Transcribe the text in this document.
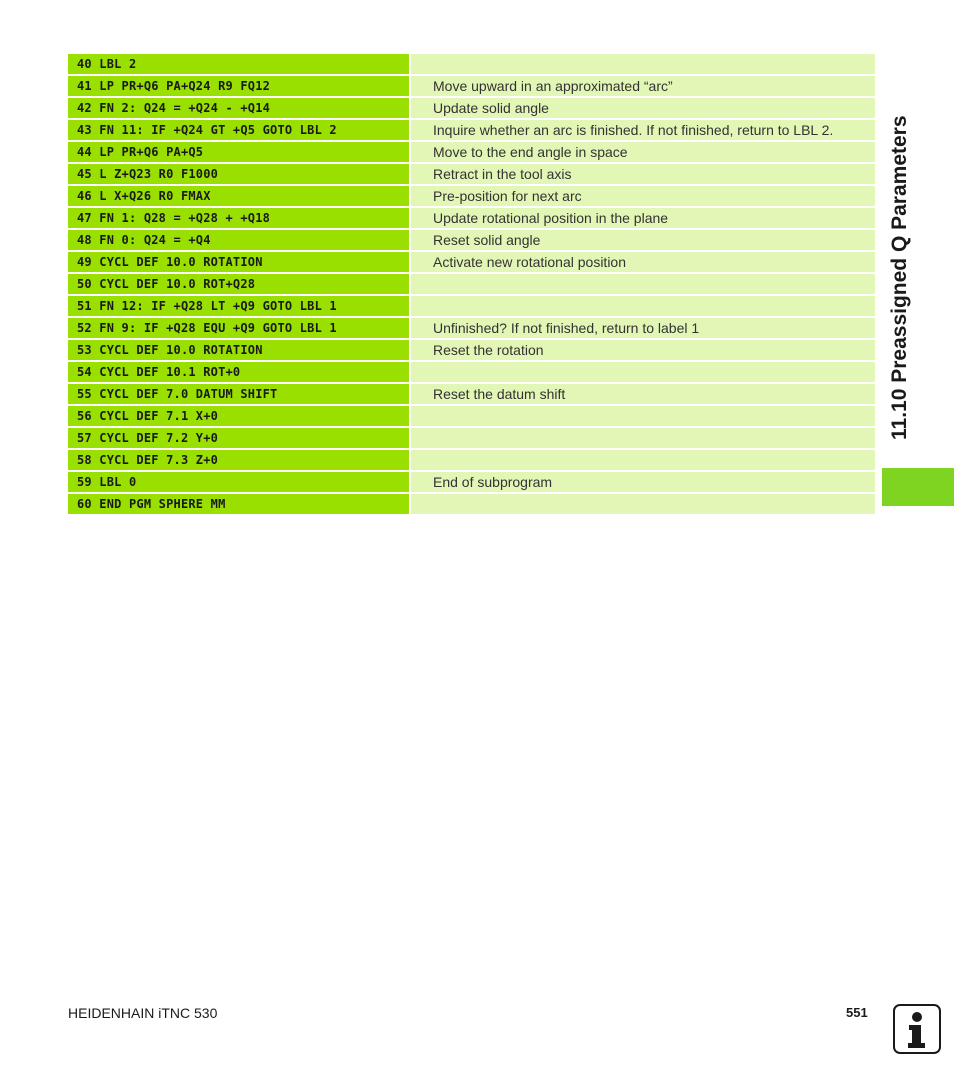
40 LBL 2	
41 LP PR+Q6 PA+Q24 R9 FQ12	Move upward in an approximated “arc”
42 FN 2: Q24 = +Q24 - +Q14	Update solid angle
43 FN 11: IF +Q24 GT +Q5 GOTO LBL 2	Inquire whether an arc is finished. If not finished, return to LBL 2.
44 LP PR+Q6 PA+Q5	Move to the end angle in space
45 L Z+Q23 R0 F1000	Retract in the tool axis
46 L X+Q26 R0 FMAX	Pre-position for next arc
47 FN 1: Q28 = +Q28 + +Q18	Update rotational position in the plane
48 FN 0: Q24 = +Q4	Reset solid angle
49 CYCL DEF 10.0 ROTATION	Activate new rotational position
50 CYCL DEF 10.0 ROT+Q28	
51 FN 12: IF +Q28 LT +Q9 GOTO LBL 1	
52 FN 9: IF +Q28 EQU +Q9 GOTO LBL 1	Unfinished? If not finished, return to label 1
53 CYCL DEF 10.0 ROTATION	Reset the rotation
54 CYCL DEF 10.1 ROT+0	
55 CYCL DEF 7.0 DATUM SHIFT	Reset the datum shift
56 CYCL DEF 7.1 X+0	
57 CYCL DEF 7.2 Y+0	
58 CYCL DEF 7.3 Z+0	
59 LBL 0	End of subprogram
60 END PGM SPHERE MM	
11.10 Preassigned Q Parameters
HEIDENHAIN iTNC 530	551
